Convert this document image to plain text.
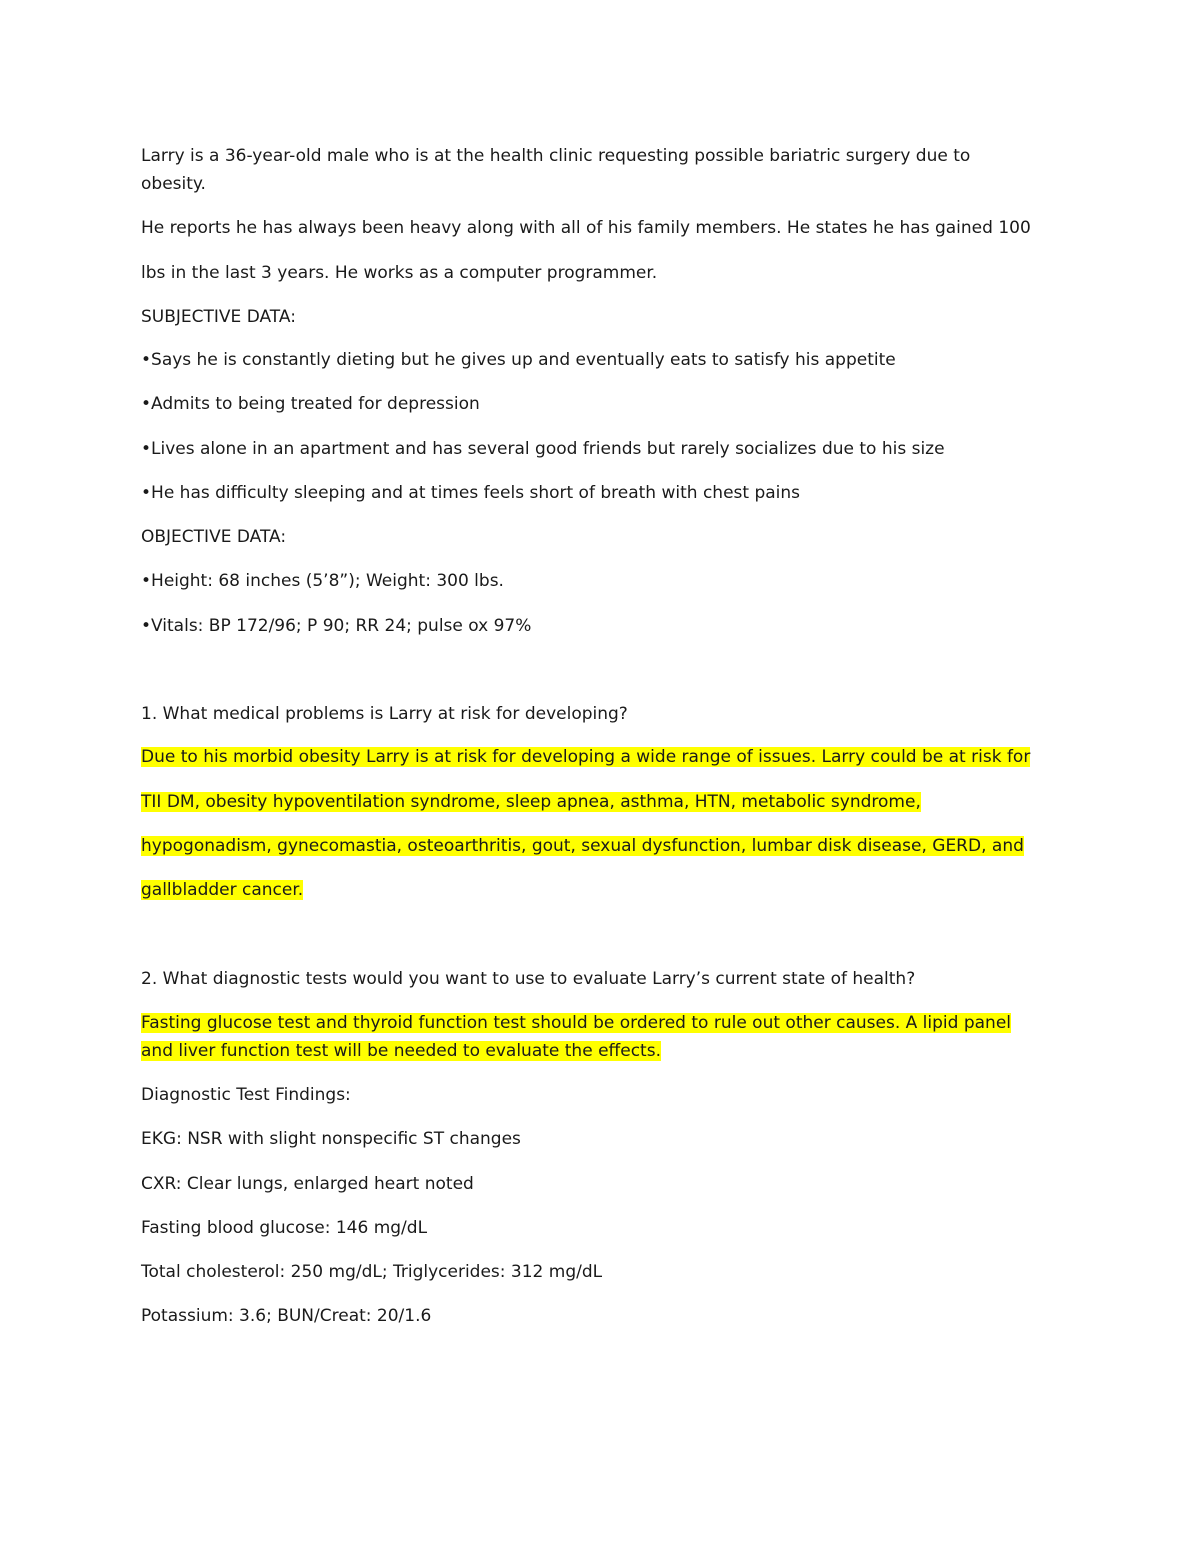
Larry is a 36-year-old male who is at the health clinic requesting possible bariatric surgery due to
obesity.
He reports he has always been heavy along with all of his family members. He states he has gained 100
lbs in the last 3 years. He works as a computer programmer.
SUBJECTIVE DATA:
•Says he is constantly dieting but he gives up and eventually eats to satisfy his appetite
•Admits to being treated for depression
•Lives alone in an apartment and has several good friends but rarely socializes due to his size
•He has difficulty sleeping and at times feels short of breath with chest pains
OBJECTIVE DATA:
•Height: 68 inches (5’8”); Weight: 300 lbs.
•Vitals: BP 172/96; P 90; RR 24; pulse ox 97%
1. What medical problems is Larry at risk for developing?
Due to his morbid obesity Larry is at risk for developing a wide range of issues. Larry could be at risk for
TII DM, obesity hypoventilation syndrome, sleep apnea, asthma, HTN, metabolic syndrome,
hypogonadism, gynecomastia, osteoarthritis, gout, sexual dysfunction, lumbar disk disease, GERD, and
gallbladder cancer.
2. What diagnostic tests would you want to use to evaluate Larry’s current state of health?
Fasting glucose test and thyroid function test should be ordered to rule out other causes. A lipid panel
and liver function test will be needed to evaluate the effects.
Diagnostic Test Findings:
EKG: NSR with slight nonspecific ST changes
CXR: Clear lungs, enlarged heart noted
Fasting blood glucose: 146 mg/dL
Total cholesterol: 250 mg/dL; Triglycerides: 312 mg/dL
Potassium: 3.6; BUN/Creat: 20/1.6
